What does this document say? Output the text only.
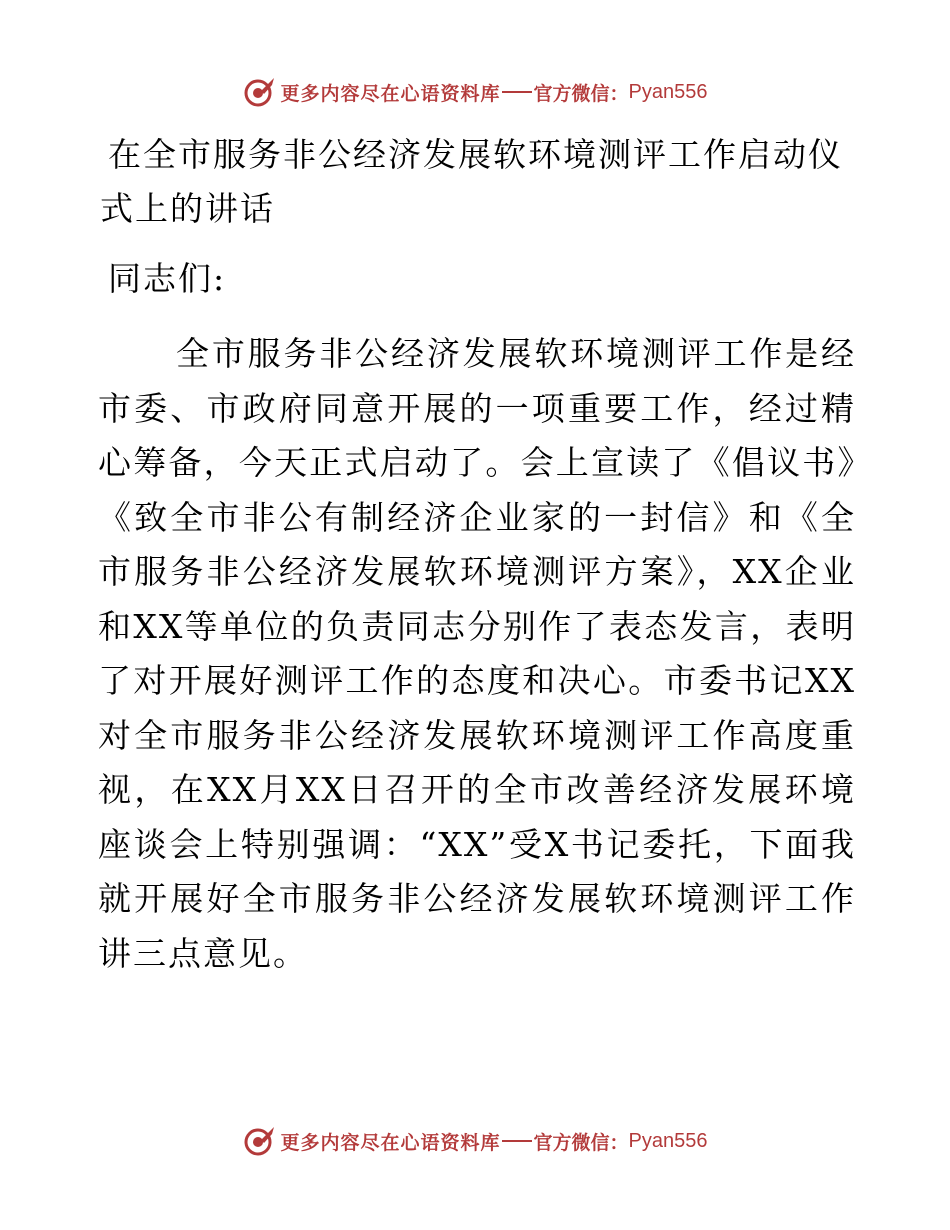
更多内容尽在心语资料库 官方微信： Pyan556
在全市服务非公经济发展软环境测评工作启动仪式上的讲话
同志们:
全市服务非公经济发展软环境测评工作是经市委、市政府同意开展的一项重要工作，经过精心筹备，今天正式启动了。会上宣读了《倡议书》《致全市非公有制经济企业家的一封信》和《全市服务非公经济发展软环境测评方案》，XX企业和XX等单位的负责同志分别作了表态发言，表明了对开展好测评工作的态度和决心。市委书记XX对全市服务非公经济发展软环境测评工作高度重视，在XX月XX日召开的全市改善经济发展环境座谈会上特别强调：“XX”受X书记委托，下面我就开展好全市服务非公经济发展软环境测评工作讲三点意见。
更多内容尽在心语资料库 官方微信： Pyan556
